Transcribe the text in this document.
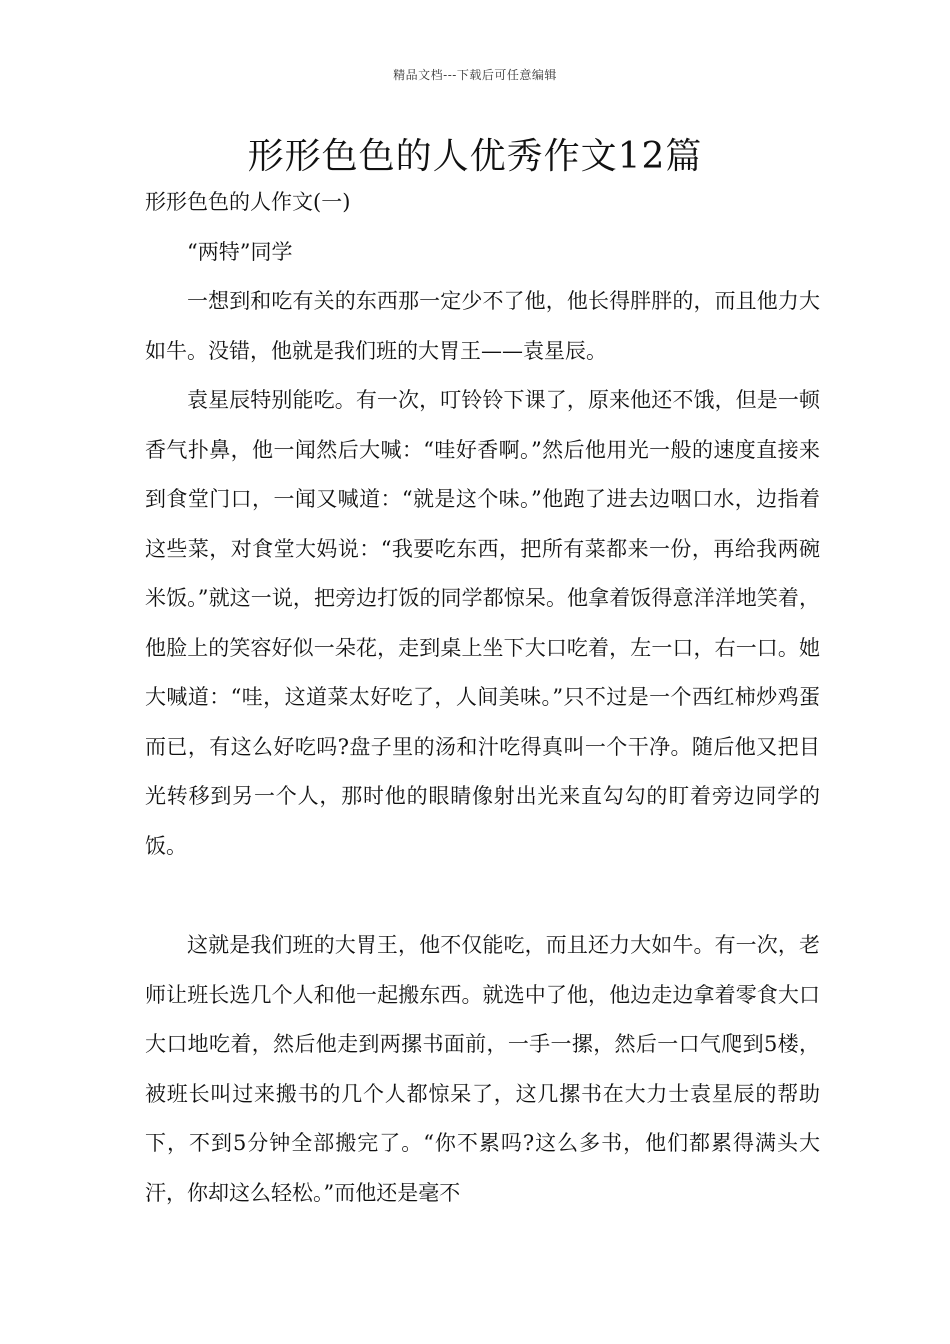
精品文档---下载后可任意编辑
形形色色的人优秀作文12篇

形形色色的人作文(一)

“两特”同学

一想到和吃有关的东西那一定少不了他，他长得胖胖的，而且他力大如牛。没错，他就是我们班的大胃王——袁星辰。

袁星辰特别能吃。有一次，叮铃铃下课了，原来他还不饿，但是一顿香气扑鼻，他一闻然后大喊：“哇好香啊。”然后他用光一般的速度直接来到食堂门口，一闻又喊道：“就是这个味。”他跑了进去边咽口水，边指着这些菜，对食堂大妈说：“我要吃东西，把所有菜都来一份，再给我两碗米饭。”就这一说，把旁边打饭的同学都惊呆。他拿着饭得意洋洋地笑着，他脸上的笑容好似一朵花，走到桌上坐下大口吃着，左一口，右一口。她大喊道：“哇，这道菜太好吃了，人间美味。”只不过是一个西红柿炒鸡蛋而已，有这么好吃吗?盘子里的汤和汁吃得真叫一个干净。随后他又把目光转移到另一个人，那时他的眼睛像射出光来直勾勾的盯着旁边同学的饭。

这就是我们班的大胃王，他不仅能吃，而且还力大如牛。有一次，老师让班长选几个人和他一起搬东西。就选中了他，他边走边拿着零食大口大口地吃着，然后他走到两摞书面前，一手一摞，然后一口气爬到5楼，被班长叫过来搬书的几个人都惊呆了，这几摞书在大力士袁星辰的帮助下，不到5分钟全部搬完了。“你不累吗?这么多书，他们都累得满头大汗，你却这么轻松。”而他还是毫不
